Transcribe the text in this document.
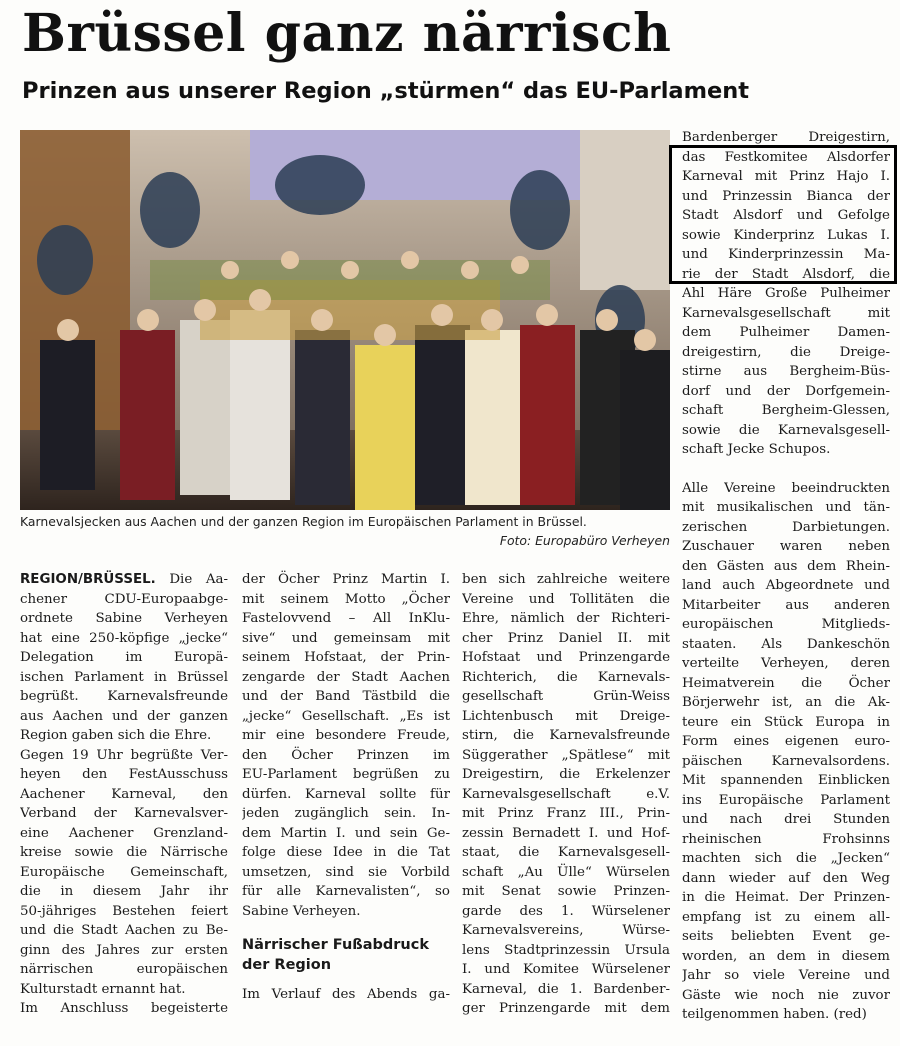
Brüssel ganz närrisch
Prinzen aus unserer Region „stürmen“ das EU-Parlament
Karnevalsjecken aus Aachen und der ganzen Region im Europäischen Parlament in Brüssel.
Foto: Europabüro Verheyen
REGION/BRÜSSEL. Die Aa-
chener CDU-Europaabge-
ordnete Sabine Verheyen
hat eine 250-köpfige „jecke“
Delegation im Europä-
ischen Parlament in Brüssel
begrüßt. Karnevalsfreunde
aus Aachen und der ganzen
Region gaben sich die Ehre.
Gegen 19 Uhr begrüßte Ver-
heyen den FestAusschuss
Aachener Karneval, den
Verband der Karnevalsver-
eine Aachener Grenzland-
kreise sowie die Närrische
Europäische Gemeinschaft,
die in diesem Jahr ihr
50-jähriges Bestehen feiert
und die Stadt Aachen zu Be-
ginn des Jahres zur ersten
närrischen europäischen
Kulturstadt ernannt hat.
Im Anschluss begeisterte
der Öcher Prinz Martin I.
mit seinem Motto „Öcher
Fastelovvend – All InKlu-
sive“ und gemeinsam mit
seinem Hofstaat, der Prin-
zengarde der Stadt Aachen
und der Band Tästbild die
„jecke“ Gesellschaft. „Es ist
mir eine besondere Freude,
den Öcher Prinzen im
EU-Parlament begrüßen zu
dürfen. Karneval sollte für
jeden zugänglich sein. In-
dem Martin I. und sein Ge-
folge diese Idee in die Tat
umsetzen, sind sie Vorbild
für alle Karnevalisten“, so
Sabine Verheyen.
Närrischer Fußabdruck
der Region
Im Verlauf des Abends ga-
ben sich zahlreiche weitere
Vereine und Tollitäten die
Ehre, nämlich der Richteri-
cher Prinz Daniel II. mit
Hofstaat und Prinzengarde
Richterich, die Karnevals-
gesellschaft Grün-Weiss
Lichtenbusch mit Dreige-
stirn, die Karnevalsfreunde
Süggerather „Spätlese“ mit
Dreigestirn, die Erkelenzer
Karnevalsgesellschaft e.V.
mit Prinz Franz III., Prin-
zessin Bernadett I. und Hof-
staat, die Karnevalsgesell-
schaft „Au Ülle“ Würselen
mit Senat sowie Prinzen-
garde des 1. Würselener
Karnevalsvereins, Würse-
lens Stadtprinzessin Ursula
I. und Komitee Würselener
Karneval, die 1. Bardenber-
ger Prinzengarde mit dem
Bardenberger Dreigestirn,
das Festkomitee Alsdorfer
Karneval mit Prinz Hajo I.
und Prinzessin Bianca der
Stadt Alsdorf und Gefolge
sowie Kinderprinz Lukas I.
und Kinderprinzessin Ma-
rie der Stadt Alsdorf, die
Ahl Häre Große Pulheimer
Karnevalsgesellschaft mit
dem Pulheimer Damen-
dreigestirn, die Dreige-
stirne aus Bergheim-Büs-
dorf und der Dorfgemein-
schaft Bergheim-Glessen,
sowie die Karnevalsgesell-
schaft Jecke Schupos.
Alle Vereine beeindruckten
mit musikalischen und tän-
zerischen Darbietungen.
Zuschauer waren neben
den Gästen aus dem Rhein-
land auch Abgeordnete und
Mitarbeiter aus anderen
europäischen Mitglieds-
staaten. Als Dankeschön
verteilte Verheyen, deren
Heimatverein die Öcher
Börjerwehr ist, an die Ak-
teure ein Stück Europa in
Form eines eigenen euro-
päischen Karnevalsordens.
Mit spannenden Einblicken
ins Europäische Parlament
und nach drei Stunden
rheinischen Frohsinns
machten sich die „Jecken“
dann wieder auf den Weg
in die Heimat. Der Prinzen-
empfang ist zu einem all-
seits beliebten Event ge-
worden, an dem in diesem
Jahr so viele Vereine und
Gäste wie noch nie zuvor
teilgenommen haben. (red)
